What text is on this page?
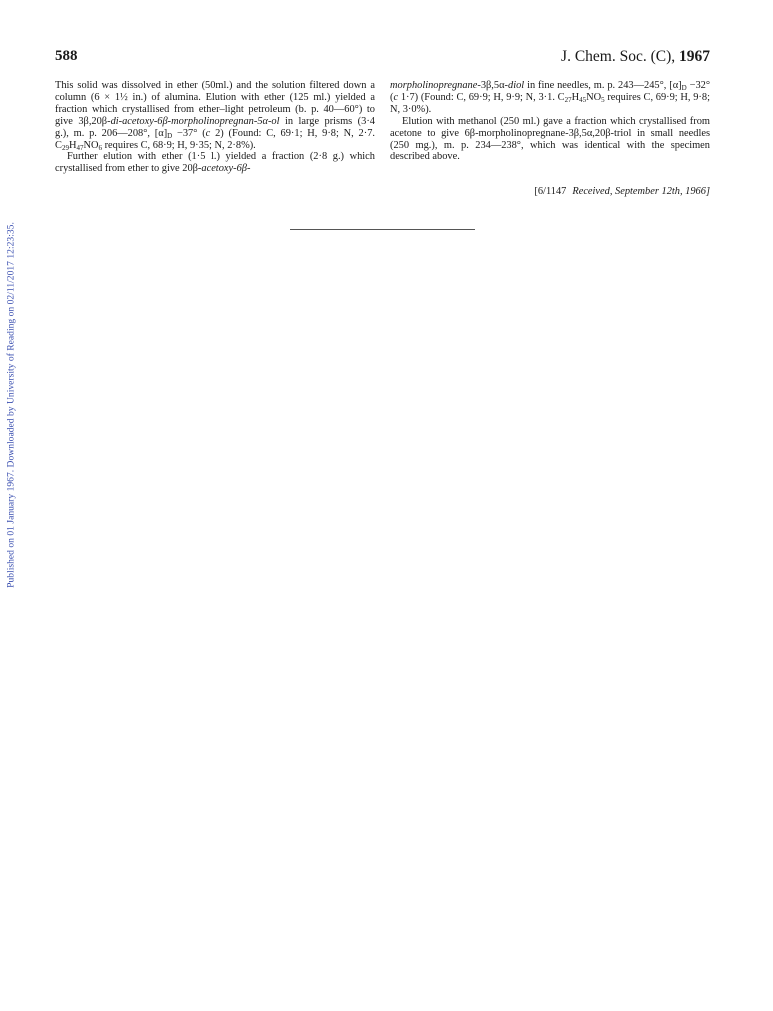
Published on 01 January 1967. Downloaded by University of Reading on 02/11/2017 12:23:35.
588	J. Chem. Soc. (C), 1967

This solid was dissolved in ether (50ml.) and the solution filtered down a column (6 × 1½ in.) of alumina. Elution with ether (125 ml.) yielded a fraction which crystallised from ether–light petroleum (b. p. 40—60°) to give 3β,20β-di-acetoxy-6β-morpholinopregnan-5α-ol in large prisms (3·4 g.), m. p. 206—208°, $[\alpha]_D -37^\circ$ (c 2) (Found: C, 69·1; H, 9·8; N, 2·7. $C_{29}H_{47}NO_6$ requires C, 68·9; H, 9·35; N, 2·8%).

Further elution with ether (1·5 l.) yielded a fraction (2·8 g.) which crystallised from ether to give 20β-acetoxy-6β-

morpholinopregnane-3β,5α-diol in fine needles, m. p. 243—245°, $[\alpha]_D -32^\circ$ (c 1·7) (Found: C, 69·9; H, 9·9; N, 3·1. $C_{27}H_{45}NO_5$ requires C, 69·9; H, 9·8; N, 3·0%).

Elution with methanol (250 ml.) gave a fraction which crystallised from acetone to give 6β-morpholinopregnane-3β,5α,20β-triol in small needles (250 mg.), m. p. 234—238°, which was identical with the specimen described above.

[6/1147 Received, September 12th, 1966]
